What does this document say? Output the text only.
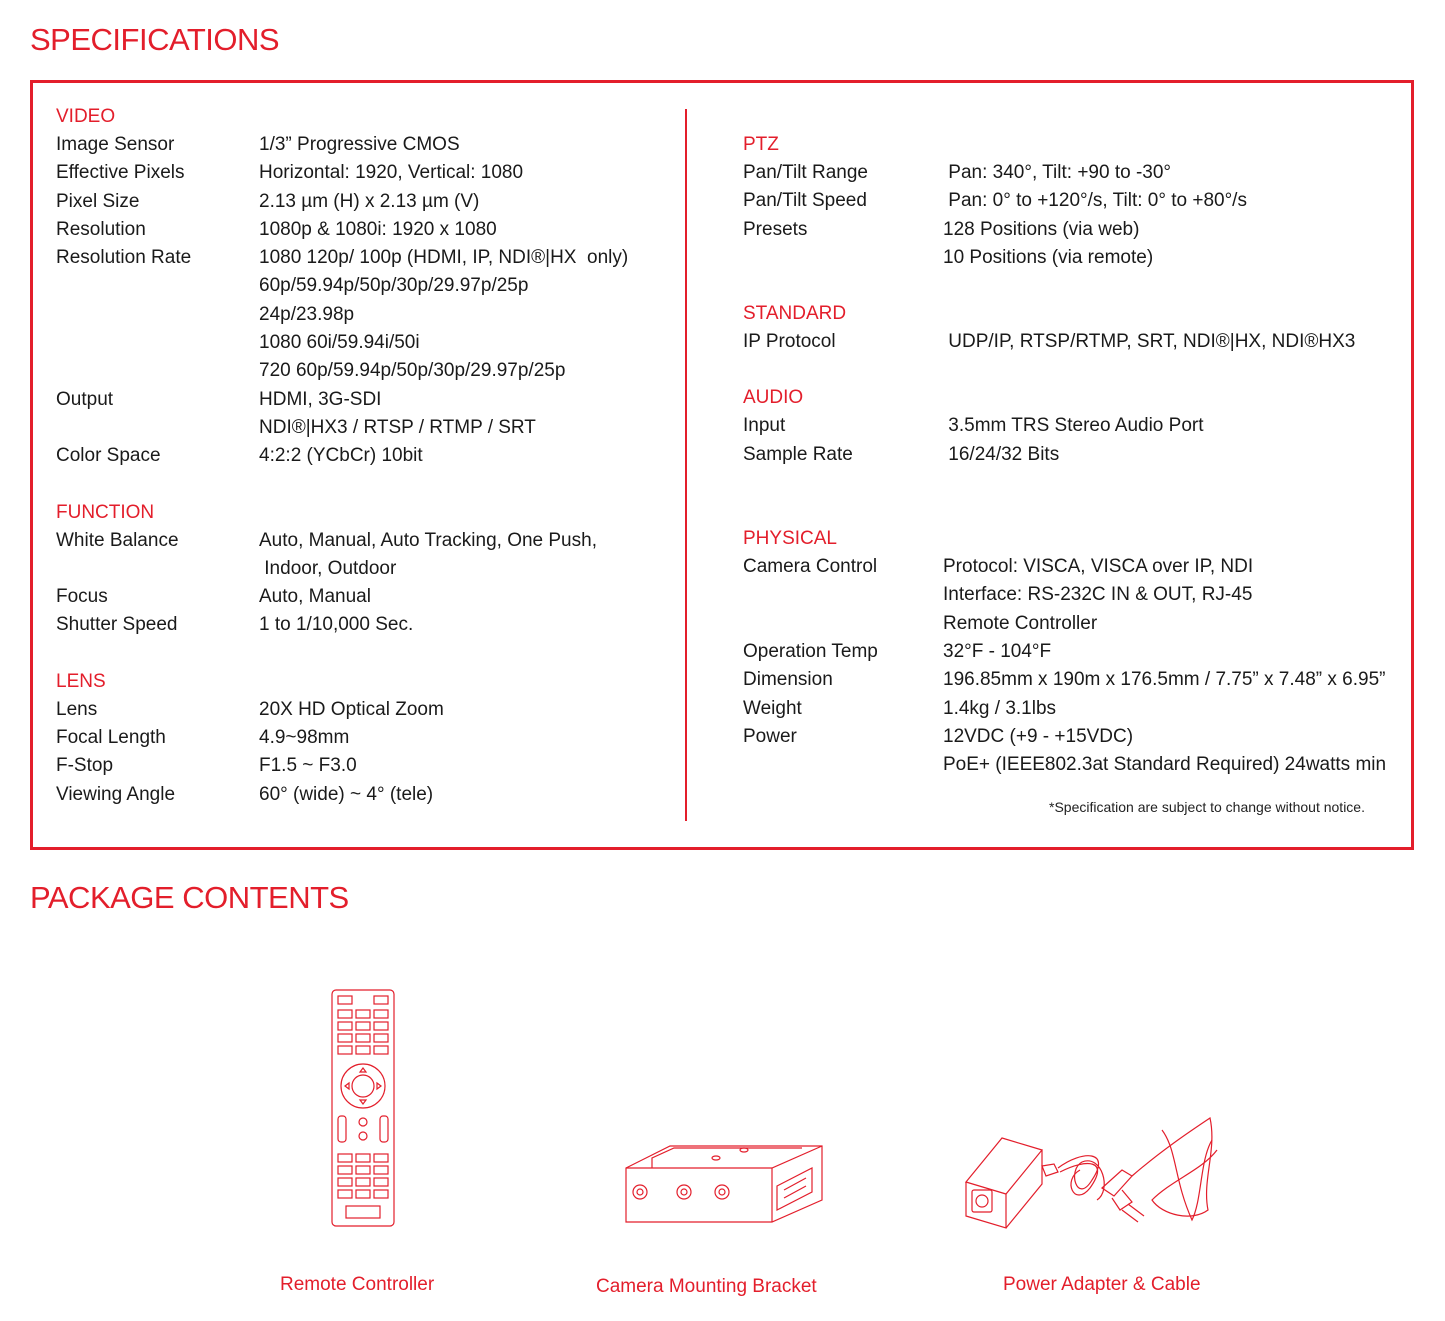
SPECIFICATIONS
VIDEO
Image Sensor	1/3” Progressive CMOS
Effective Pixels	Horizontal: 1920, Vertical: 1080
Pixel Size	2.13 µm (H) x 2.13 µm (V)
Resolution	1080p & 1080i: 1920 x 1080
Resolution Rate	1080 120p/ 100p (HDMI, IP, NDI®|HX  only)
60p/59.94p/50p/30p/29.97p/25p
24p/23.98p
1080 60i/59.94i/50i
720 60p/59.94p/50p/30p/29.97p/25p
Output	HDMI, 3G-SDI
NDI®|HX3 / RTSP / RTMP / SRT
Color Space	4:2:2 (YCbCr) 10bit
FUNCTION
White Balance	Auto, Manual, Auto Tracking, One Push,
Indoor, Outdoor
Focus	Auto, Manual
Shutter Speed	1 to 1/10,000 Sec.
LENS
Lens	20X HD Optical Zoom
Focal Length	4.9~98mm
F-Stop	F1.5 ~ F3.0
Viewing Angle	60° (wide) ~ 4° (tele)
PTZ
Pan/Tilt Range	Pan: 340°, Tilt: +90 to -30°
Pan/Tilt Speed	Pan: 0° to +120°/s, Tilt: 0° to +80°/s
Presets	128 Positions (via web)
10 Positions (via remote)
STANDARD
IP Protocol	UDP/IP, RTSP/RTMP, SRT, NDI®|HX, NDI®HX3
AUDIO
Input	3.5mm TRS Stereo Audio Port
Sample Rate	16/24/32 Bits
PHYSICAL
Camera Control	Protocol: VISCA, VISCA over IP, NDI
Interface: RS-232C IN & OUT, RJ-45
Remote Controller
Operation Temp	32°F - 104°F
Dimension	196.85mm x 190m x 176.5mm / 7.75” x 7.48” x 6.95”
Weight	1.4kg / 3.1lbs
Power	12VDC (+9 - +15VDC)
PoE+ (IEEE802.3at Standard Required) 24watts min
*Specification are subject to change without notice.
PACKAGE CONTENTS
Remote Controller	Camera Mounting Bracket	Power Adapter & Cable
